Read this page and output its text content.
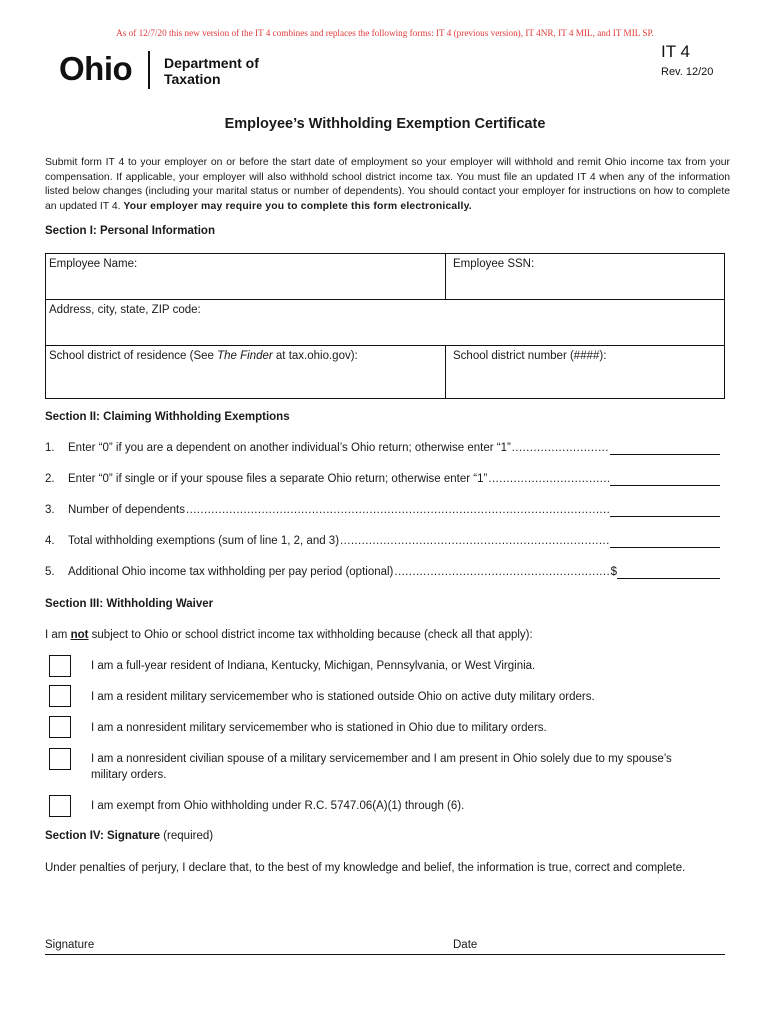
As of 12/7/20 this new version of the IT 4 combines and replaces the following forms: IT 4 (previous version), IT 4NR, IT 4 MIL, and IT MIL SP.
Ohio Department of
Taxation
IT 4
Rev. 12/20
Employee’s Withholding Exemption Certificate
Submit form IT 4 to your employer on or before the start date of employment so your employer will withhold and remit Ohio income tax from your compensation. If applicable, your employer will also withhold school district income tax. You must file an updated IT 4 when any of the information listed below changes (including your marital status or number of dependents). You should contact your employer for instructions on how to complete an updated IT 4. Your employer may require you to complete this form electronically.
Section I: Personal Information
Employee Name:	Employee SSN:
Address, city, state, ZIP code:
School district of residence (See The Finder at tax.ohio.gov):	School district number (####):
Section II: Claiming Withholding Exemptions
1.	Enter “0” if you are a dependent on another individual’s Ohio return; otherwise enter “1”
.....
2.	Enter “0” if single or if your spouse files a separate Ohio return; otherwise enter “1”
.....
3.	Number of dependents
.....
4.	Total withholding exemptions (sum of line 1, 2, and 3)
.....
5.	Additional Ohio income tax withholding per pay period (optional)
.....	$
Section III: Withholding Waiver
I am not subject to Ohio or school district income tax withholding because (check all that apply):
I am a full-year resident of Indiana, Kentucky, Michigan, Pennsylvania, or West Virginia.
I am a resident military servicemember who is stationed outside Ohio on active duty military orders.
I am a nonresident military servicemember who is stationed in Ohio due to military orders.
I am a nonresident civilian spouse of a military servicemember and I am present in Ohio solely due to my spouse’s military orders.
I am exempt from Ohio withholding under R.C. 5747.06(A)(1) through (6).
Section IV: Signature (required)
Under penalties of perjury, I declare that, to the best of my knowledge and belief, the information is true, correct and complete.
Signature	Date
